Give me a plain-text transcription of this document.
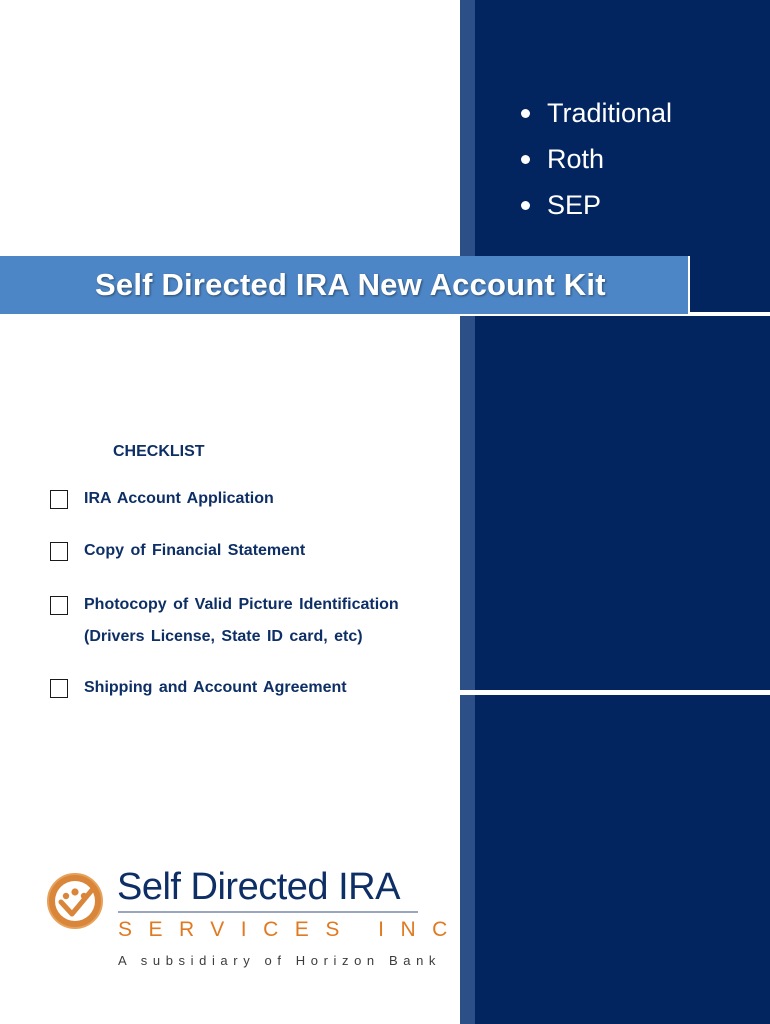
Traditional
Roth
SEP
Self Directed IRA New Account Kit
CHECKLIST
IRA Account Application
Copy of Financial Statement
Photocopy of Valid Picture Identification
(Drivers License, State ID card, etc)
Shipping and Account Agreement
Self Directed IRA
SERVICES INC
A subsidiary of Horizon Bank
